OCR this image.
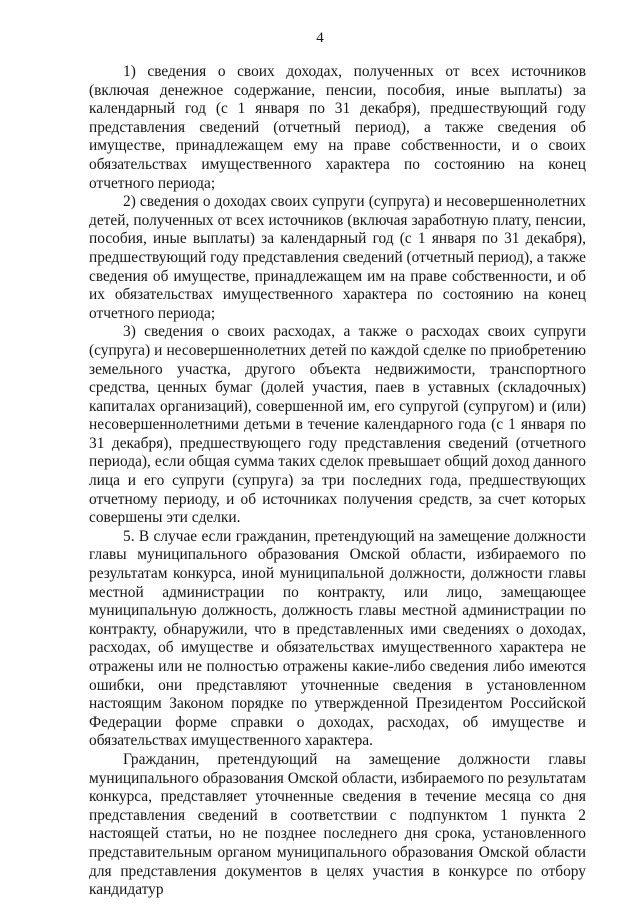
4

1) сведения о своих доходах, полученных от всех источников (включая денежное содержание, пенсии, пособия, иные выплаты) за календарный год (с 1 января по 31 декабря), предшествующий году представления сведений (отчетный период), а также сведения об имуществе, принадлежащем ему на праве собственности, и о своих обязательствах имущественного характера по состоянию на конец отчетного периода;

2) сведения о доходах своих супруги (супруга) и несовершеннолетних детей, полученных от всех источников (включая заработную плату, пенсии, пособия, иные выплаты) за календарный год (с 1 января по 31 декабря), предшествующий году представления сведений (отчетный период), а также сведения об имуществе, принадлежащем им на праве собственности, и об их обязательствах имущественного характера по состоянию на конец отчетного периода;

3) сведения о своих расходах, а также о расходах своих супруги (супруга) и несовершеннолетних детей по каждой сделке по приобретению земельного участка, другого объекта недвижимости, транспортного средства, ценных бумаг (долей участия, паев в уставных (складочных) капиталах организаций), совершенной им, его супругой (супругом) и (или) несовершеннолетними детьми в течение календарного года (с 1 января по 31 декабря), предшествующего году представления сведений (отчетного периода), если общая сумма таких сделок превышает общий доход данного лица и его супруги (супруга) за три последних года, предшествующих отчетному периоду, и об источниках получения средств, за счет которых совершены эти сделки.

5. В случае если гражданин, претендующий на замещение должности главы муниципального образования Омской области, избираемого по результатам конкурса, иной муниципальной должности, должности главы местной администрации по контракту, или лицо, замещающее муниципальную должность, должность главы местной администрации по контракту, обнаружили, что в представленных ими сведениях о доходах, расходах, об имуществе и обязательствах имущественного характера не отражены или не полностью отражены какие-либо сведения либо имеются ошибки, они представляют уточненные сведения в установленном настоящим Законом порядке по утвержденной Президентом Российской Федерации форме справки о доходах, расходах, об имуществе и обязательствах имущественного характера.

Гражданин, претендующий на замещение должности главы муниципального образования Омской области, избираемого по результатам конкурса, представляет уточненные сведения в течение месяца со дня представления сведений в соответствии с подпунктом 1 пункта 2 настоящей статьи, но не позднее последнего дня срока, установленного представительным органом муниципального образования Омской области для представления документов в целях участия в конкурсе по отбору кандидатур
